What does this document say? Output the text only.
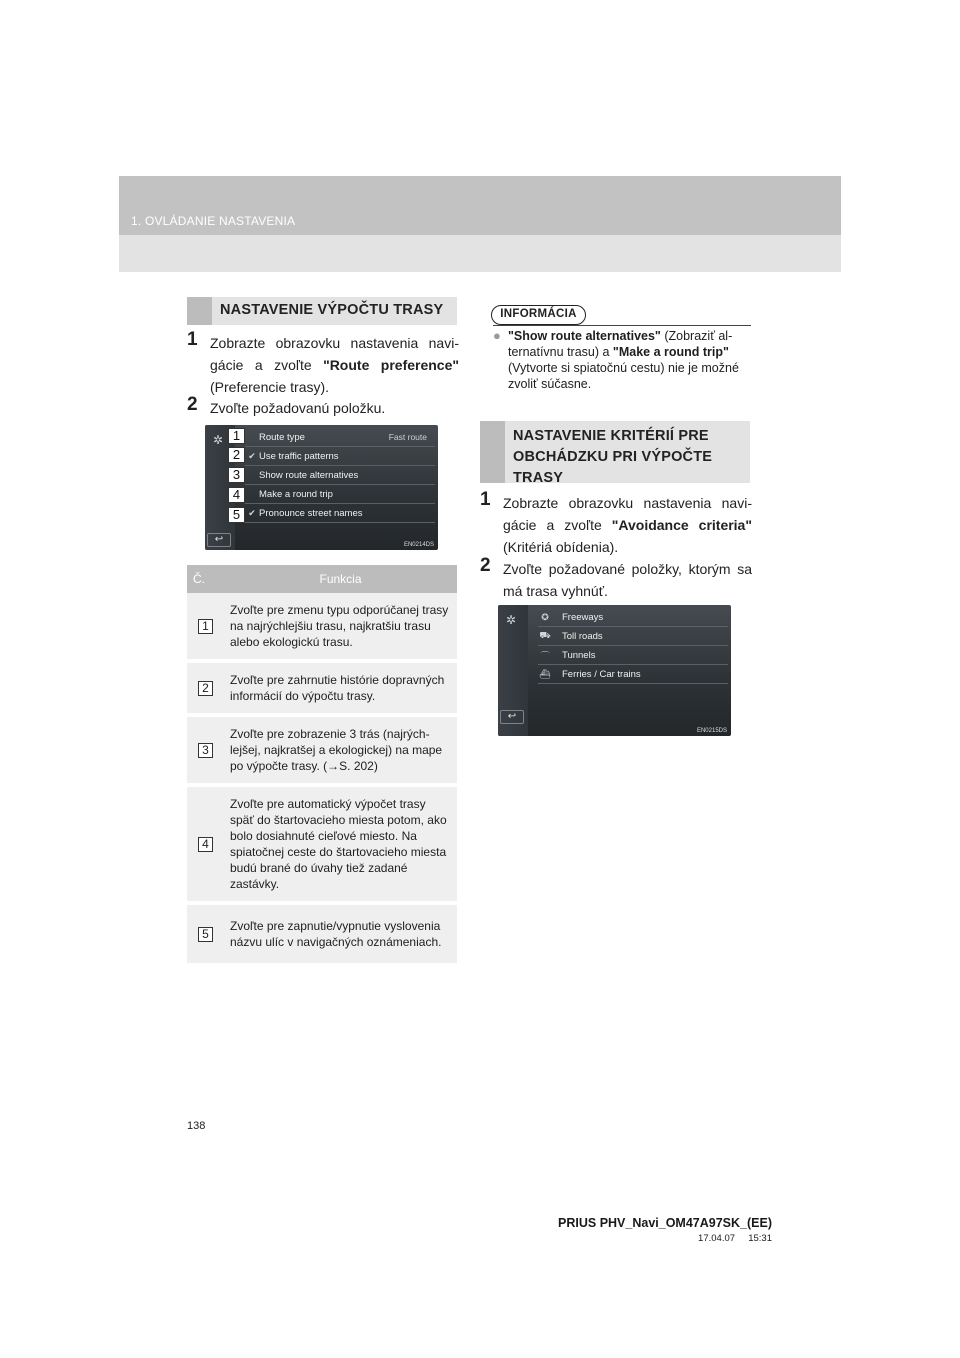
1. OVLÁDANIE NASTAVENIA
NASTAVENIE VÝPOČTU TRASY
1 Zobrazte obrazovku nastavenia navigácie a zvoľte "Route preference" (Preferencie trasy).
2 Zvoľte požadovanú položku.
✲	Route type	Fast route
✔ Use traffic patterns
Show route alternatives
Make a round trip
✔ Pronounce street names
1
2
3
4
5
↩	EN0214DS
Č.	Funkcia
1	Zvoľte pre zmenu typu odporúčanej trasy na najrýchlejšiu trasu, najkratšiu trasu alebo ekologickú trasu.
2	Zvoľte pre zahrnutie histórie dopravných informácií do výpočtu trasy.
3	Zvoľte pre zobrazenie 3 trás (najrýchlejšej, najkratšej a ekologickej) na mape po výpočte trasy. (→S. 202)
4	Zvoľte pre automatický výpočet trasy späť do štartovacieho miesta potom, ako bolo dosiahnuté cieľové miesto. Na spiatočnej ceste do štartovacieho miesta budú brané do úvahy tiež zadané zastávky.
5	Zvoľte pre zapnutie/vypnutie vyslovenia názvu ulíc v navigačných oznámeniach.
INFORMÁCIA
● "Show route alternatives" (Zobraziť alternatívnu trasu) a "Make a round trip" (Vytvorte si spiatočnú cestu) nie je možné zvoliť súčasne.
NASTAVENIE KRITÉRIÍ PRE OBCHÁDZKU PRI VÝPOČTE TRASY
1 Zobrazte obrazovku nastavenia navigácie a zvoľte "Avoidance criteria" (Kritériá obídenia).
2 Zvoľte požadované položky, ktorým sa má trasa vyhnúť.
✲	✪	Freeways
⛟	Toll roads
⌒	Tunnels
⛴	Ferries / Car trains
↩
EN0215DS
138
PRIUS PHV_Navi_OM47A97SK_(EE)
17.04.07     15:31
